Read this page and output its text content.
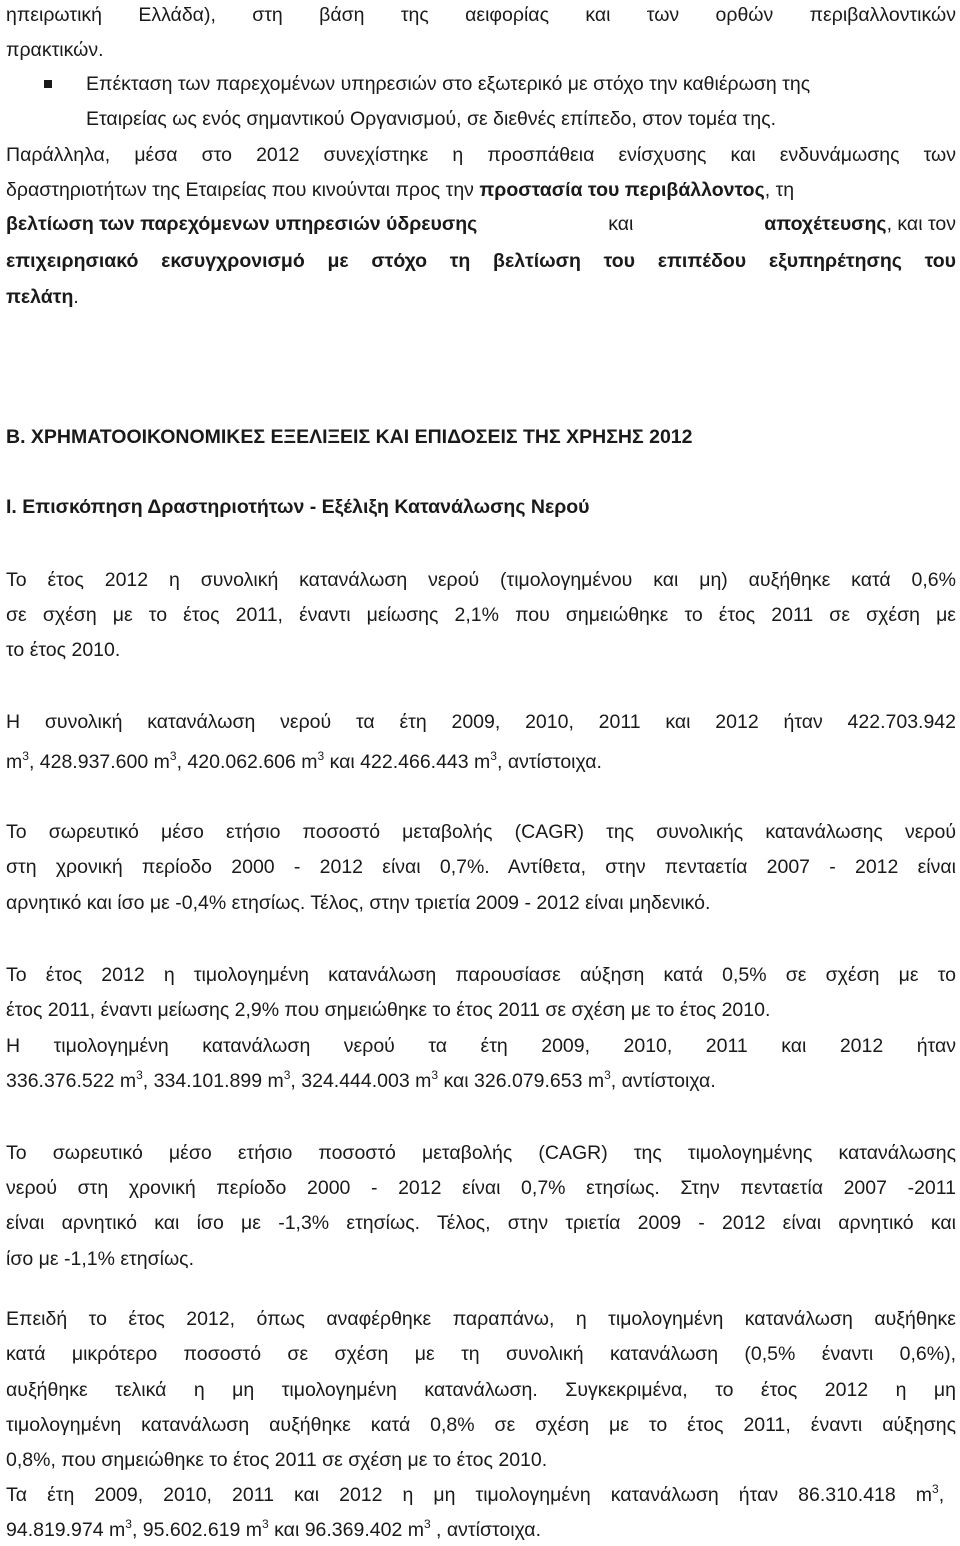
ηπειρωτική Ελλάδα), στη βάση της αειφορίας και των ορθών περιβαλλοντικών
πρακτικών.
Επέκταση των παρεχομένων υπηρεσιών στο εξωτερικό με στόχο την καθιέρωση της
Εταιρείας ως ενός σημαντικού Οργανισμού, σε διεθνές επίπεδο, στον τομέα της.
Παράλληλα, μέσα στο 2012 συνεχίστηκε η προσπάθεια ενίσχυσης και ενδυνάμωσης των
δραστηριοτήτων της Εταιρείας που κινούνται προς την προστασία του περιβάλλοντος, τη
βελτίωση των παρεχόμενων υπηρεσιών ύδρευσης	και	αποχέτευσης, και τον
επιχειρησιακό εκσυγχρονισμό με στόχο τη βελτίωση του επιπέδου εξυπηρέτησης του
πελάτη.
Β. ΧΡΗΜΑΤΟΟΙΚΟΝΟΜΙΚΕΣ ΕΞΕΛΙΞΕΙΣ ΚΑΙ ΕΠΙΔΟΣΕΙΣ ΤΗΣ ΧΡΗΣΗΣ 2012
Ι. Επισκόπηση Δραστηριοτήτων - Εξέλιξη Κατανάλωσης Νερού
Το έτος 2012 η συνολική κατανάλωση νερού (τιμολογημένου και μη) αυξήθηκε κατά 0,6%
σε σχέση με το έτος 2011, έναντι μείωσης 2,1% που σημειώθηκε το έτος 2011 σε σχέση με
το έτος 2010.
Η συνολική κατανάλωση νερού τα έτη 2009, 2010, 2011 και 2012 ήταν 422.703.942
$m^3$, 428.937.600 $m^3$, 420.062.606 $m^3$ και 422.466.443 $m^3$, αντίστοιχα.
Το σωρευτικό μέσο ετήσιο ποσοστό μεταβολής (CAGR) της συνολικής κατανάλωσης νερού
στη χρονική περίοδο 2000 - 2012 είναι 0,7%. Αντίθετα, στην πενταετία 2007 - 2012 είναι
αρνητικό και ίσο με -0,4% ετησίως. Τέλος, στην τριετία 2009 - 2012 είναι μηδενικό.
Το έτος 2012 η τιμολογημένη κατανάλωση παρουσίασε αύξηση κατά 0,5% σε σχέση με το
έτος 2011, έναντι μείωσης 2,9% που σημειώθηκε το έτος 2011 σε σχέση με το έτος 2010.
Η τιμολογημένη κατανάλωση νερού τα έτη 2009, 2010, 2011 και 2012 ήταν
336.376.522 $m^3$, 334.101.899 $m^3$, 324.444.003 $m^3$ και 326.079.653 $m^3$, αντίστοιχα.
Το σωρευτικό μέσο ετήσιο ποσοστό μεταβολής (CAGR) της τιμολογημένης κατανάλωσης
νερού στη χρονική περίοδο 2000 - 2012 είναι 0,7% ετησίως. Στην πενταετία 2007 -2011
είναι αρνητικό και ίσο με -1,3% ετησίως. Τέλος, στην τριετία 2009 - 2012 είναι αρνητικό και
ίσο με -1,1% ετησίως.
Επειδή το έτος 2012, όπως αναφέρθηκε παραπάνω, η τιμολογημένη κατανάλωση αυξήθηκε
κατά μικρότερο ποσοστό σε σχέση με τη συνολική κατανάλωση (0,5% έναντι 0,6%),
αυξήθηκε τελικά η μη τιμολογημένη κατανάλωση. Συγκεκριμένα, το έτος 2012 η μη
τιμολογημένη κατανάλωση αυξήθηκε κατά 0,8% σε σχέση με το έτος 2011, έναντι αύξησης
0,8%, που σημειώθηκε το έτος 2011 σε σχέση με το έτος 2010.
Τα έτη 2009, 2010, 2011 και 2012 η μη τιμολογημένη κατανάλωση ήταν 86.310.418 $m^3$,
94.819.974 $m^3$, 95.602.619 $m^3$ και 96.369.402 $m^3$ , αντίστοιχα.
